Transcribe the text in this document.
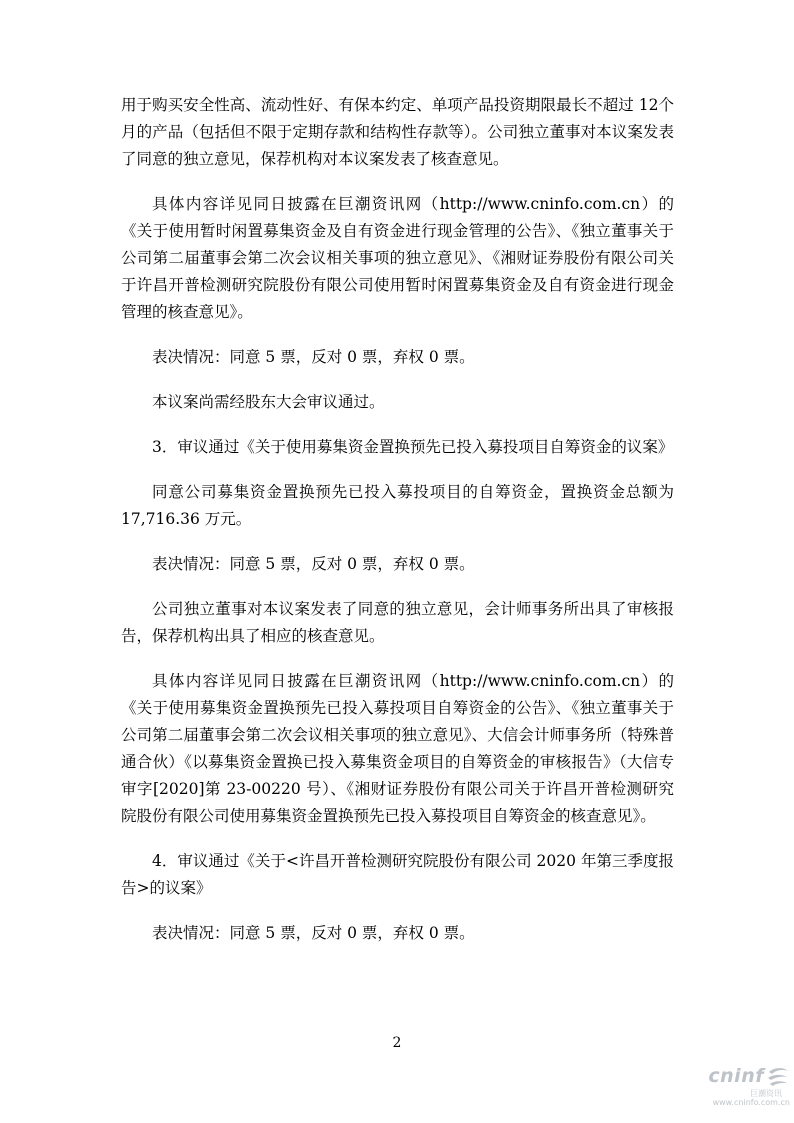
用于购买安全性高、流动性好、有保本约定、单项产品投资期限最长不超过 12个月的产品（包括但不限于定期存款和结构性存款等）。公司独立董事对本议案发表了同意的独立意见，保荐机构对本议案发表了核查意见。

具体内容详见同日披露在巨潮资讯网（http://www.cninfo.com.cn）的《关于使用暂时闲置募集资金及自有资金进行现金管理的公告》、《独立董事关于公司第二届董事会第二次会议相关事项的独立意见》、《湘财证券股份有限公司关于许昌开普检测研究院股份有限公司使用暂时闲置募集资金及自有资金进行现金管理的核查意见》。

表决情况：同意 5 票，反对 0 票，弃权 0 票。

本议案尚需经股东大会审议通过。

3．审议通过《关于使用募集资金置换预先已投入募投项目自筹资金的议案》

同意公司募集资金置换预先已投入募投项目的自筹资金，置换资金总额为17,716.36 万元。

表决情况：同意 5 票，反对 0 票，弃权 0 票。

公司独立董事对本议案发表了同意的独立意见，会计师事务所出具了审核报告，保荐机构出具了相应的核查意见。

具体内容详见同日披露在巨潮资讯网（http://www.cninfo.com.cn）的《关于使用募集资金置换预先已投入募投项目自筹资金的公告》、《独立董事关于公司第二届董事会第二次会议相关事项的独立意见》、大信会计师事务所（特殊普通合伙）《以募集资金置换已投入募集资金项目的自筹资金的审核报告》（大信专审字[2020]第 23-00220 号）、《湘财证券股份有限公司关于许昌开普检测研究院股份有限公司使用募集资金置换预先已投入募投项目自筹资金的核查意见》。

4．审议通过《关于<许昌开普检测研究院股份有限公司 2020 年第三季度报告>的议案》

表决情况：同意 5 票，反对 0 票，弃权 0 票。

2
cninf
巨潮资讯
www.cninfo.com.cn
